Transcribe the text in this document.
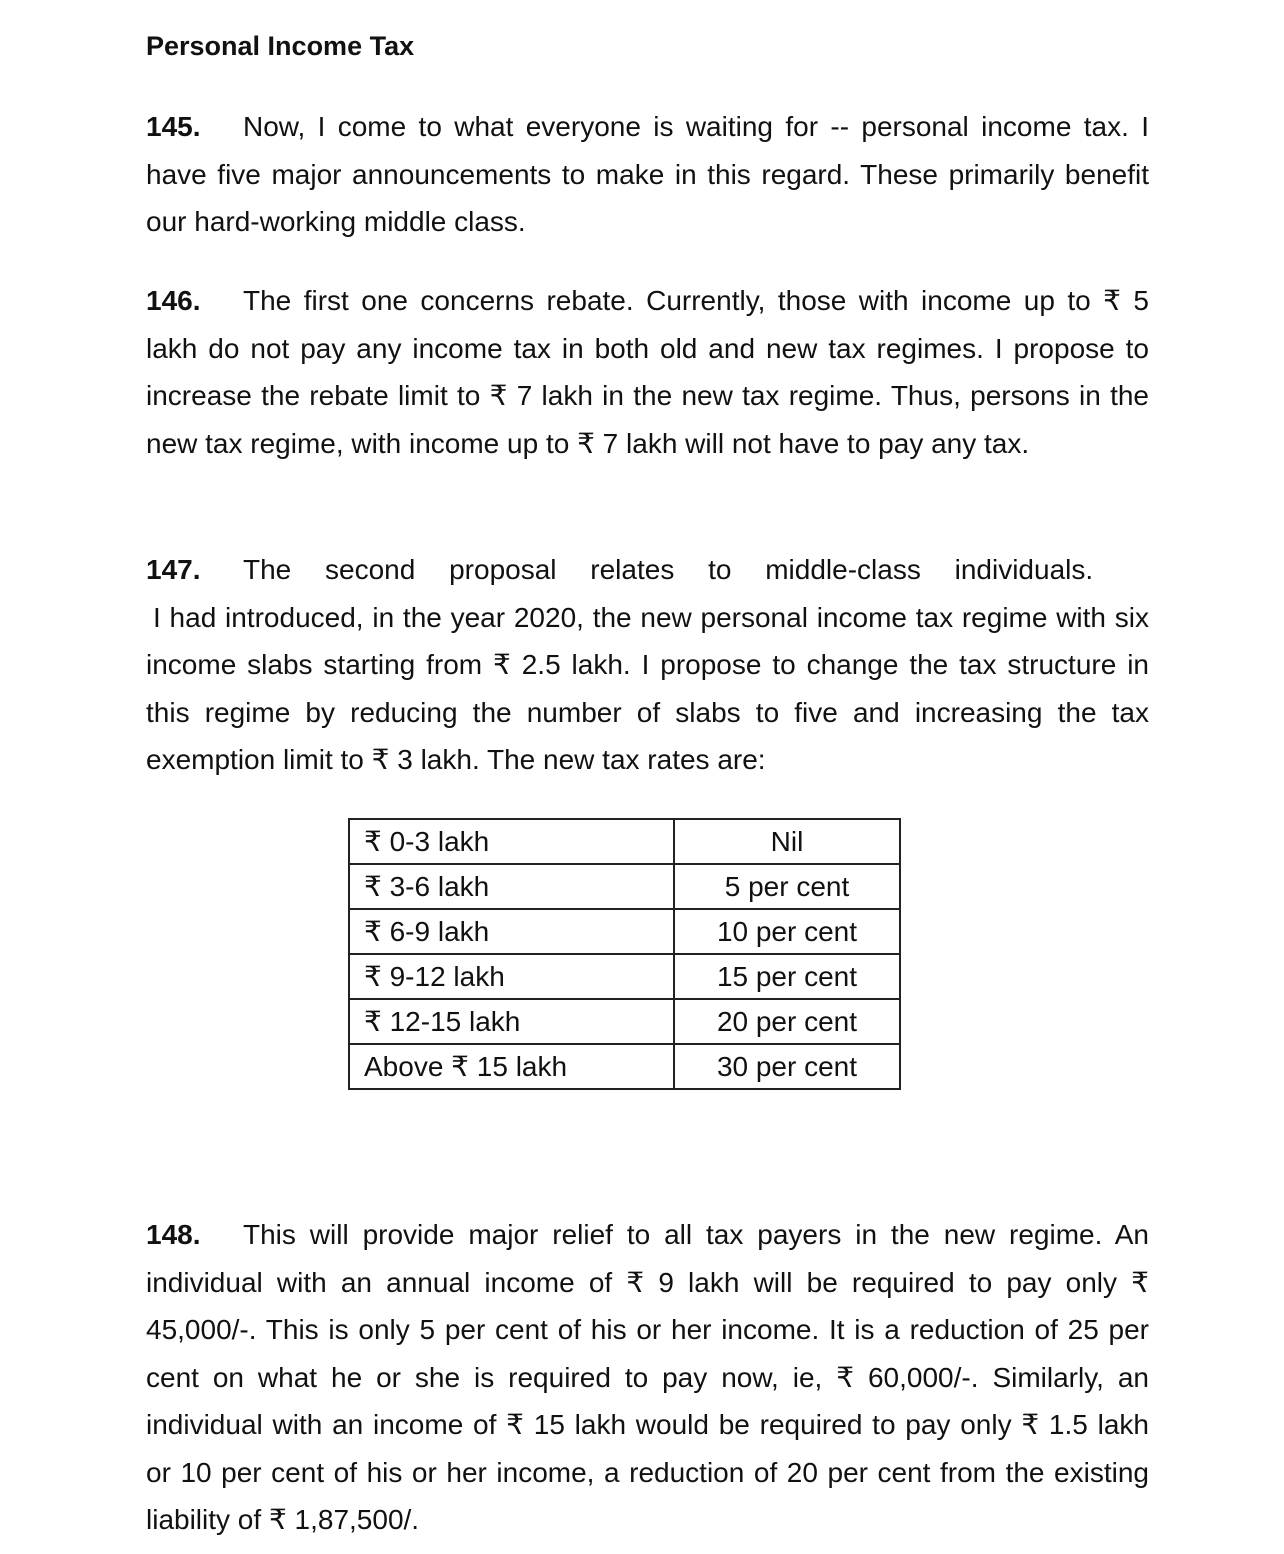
Personal Income Tax

145. Now, I come to what everyone is waiting for -- personal income tax. I have five major announcements to make in this regard. These primarily benefit our hard-working middle class.

146. The first one concerns rebate. Currently, those with income up to ₹ 5 lakh do not pay any income tax in both old and new tax regimes. I propose to increase the rebate limit to ₹ 7 lakh in the new tax regime. Thus, persons in the new tax regime, with income up to ₹ 7 lakh will not have to pay any tax.

147. The second proposal relates to middle-class individuals.
I had introduced, in the year 2020, the new personal income tax regime with six income slabs starting from ₹ 2.5 lakh. I propose to change the tax structure in this regime by reducing the number of slabs to five and increasing the tax exemption limit to ₹ 3 lakh. The new tax rates are:

₹ 0-3 lakh	Nil
₹ 3-6 lakh	5 per cent
₹ 6-9 lakh	10 per cent
₹ 9-12 lakh	15 per cent
₹ 12-15 lakh	20 per cent
Above ₹ 15 lakh	30 per cent

148. This will provide major relief to all tax payers in the new regime. An individual with an annual income of ₹ 9 lakh will be required to pay only ₹ 45,000/-. This is only 5 per cent of his or her income. It is a reduction of 25 per cent on what he or she is required to pay now, ie, ₹ 60,000/-. Similarly, an individual with an income of ₹ 15 lakh would be required to pay only ₹ 1.5 lakh or 10 per cent of his or her income, a reduction of 20 per cent from the existing liability of ₹ 1,87,500/.
